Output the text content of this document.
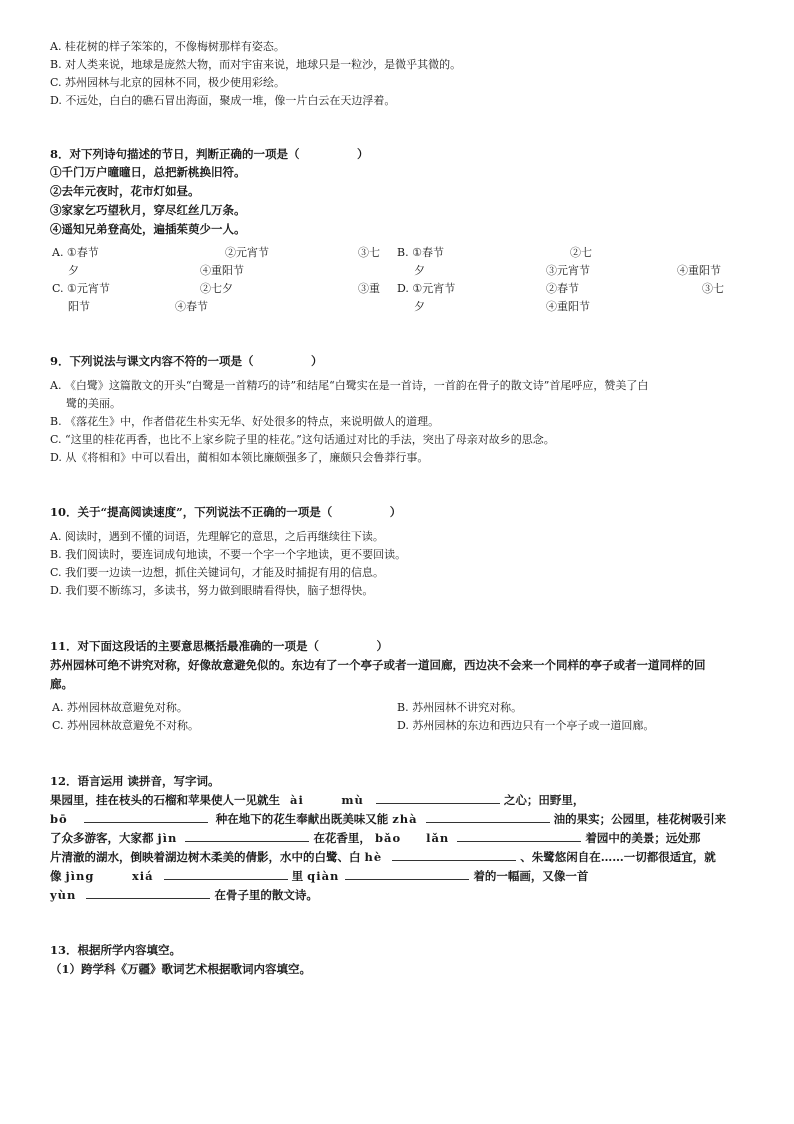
A. 桂花树的样子笨笨的，不像梅树那样有姿态。
B. 对人类来说，地球是庞然大物，而对宇宙来说，地球只是一粒沙，是微乎其微的。
C. 苏州园林与北京的园林不同，极少使用彩绘。
D. 不远处，白白的礁石冒出海面，聚成一堆，像一片白云在天边浮着。
8．对下列诗句描述的节日，判断正确的一项是（　　　　　）
①千门万户曈曈日，总把新桃换旧符。
②去年元夜时，花市灯如昼。
③家家乞巧望秋月，穿尽红丝几万条。
④遥知兄弟登高处，遍插茱萸少一人。
A. ①春节	②元宵节	③七
夕	④重阳节
B. ①春节	②七
夕	③元宵节	④重阳节
C. ①元宵节	②七夕	③重
阳节	④春节
D. ①元宵节	②春节	③七
夕	④重阳节
9．下列说法与课文内容不符的一项是（　　　　　）
A. 《白鹭》这篇散文的开头“白鹭是一首精巧的诗”和结尾“白鹭实在是一首诗，一首韵在骨子的散文诗”首尾呼应，赞美了白
鹭的美丽。
B. 《落花生》中，作者借花生朴实无华、好处很多的特点，来说明做人的道理。
C. “这里的桂花再香，也比不上家乡院子里的桂花。”这句话通过对比的手法，突出了母亲对故乡的思念。
D. 从《将相和》中可以看出，蔺相如本领比廉颇强多了，廉颇只会鲁莽行事。
10．关于“提高阅读速度”，下列说法不正确的一项是（　　　　　）
A. 阅读时，遇到不懂的词语，先理解它的意思，之后再继续往下读。
B. 我们阅读时，要连词成句地读，不要一个字一个字地读，更不要回读。
C. 我们要一边读一边想，抓住关键词句，才能及时捕捉有用的信息。
D. 我们要不断练习，多读书，努力做到眼睛看得快，脑子想得快。
11．对下面这段话的主要意思概括最准确的一项是（　　　　　）
苏州园林可绝不讲究对称，好像故意避免似的。东边有了一个亭子或者一道回廊，西边决不会来一个同样的亭子或者一道同样的回
廊。
A. 苏州园林故意避免对称。	B. 苏州园林不讲究对称。
C. 苏州园林故意避免不对称。	D. 苏州园林的东边和西边只有一个亭子或一道回廊。
12．语言运用 读拼音，写字词。
果园里，挂在枝头的石榴和苹果使人一见就生 ài　　　mù	之心；田野里，
bō	种在地下的花生奉献出既美味又能 zhà	油的果实；公园里，桂花树吸引来
了众多游客，大家都 jìn	在花香里， bǎo　　lǎn	着园中的美景；远处那
片清澈的湖水，倒映着湖边树木柔美的倩影，水中的白鹭、白 hè	、朱鹭悠闲自在……一切都很适宜，就
像 jìng　　　xiá	里 qiàn	着的一幅画，又像一首
yùn	在骨子里的散文诗。
13．根据所学内容填空。
（1）跨学科《万疆》歌词艺术根据歌词内容填空。
